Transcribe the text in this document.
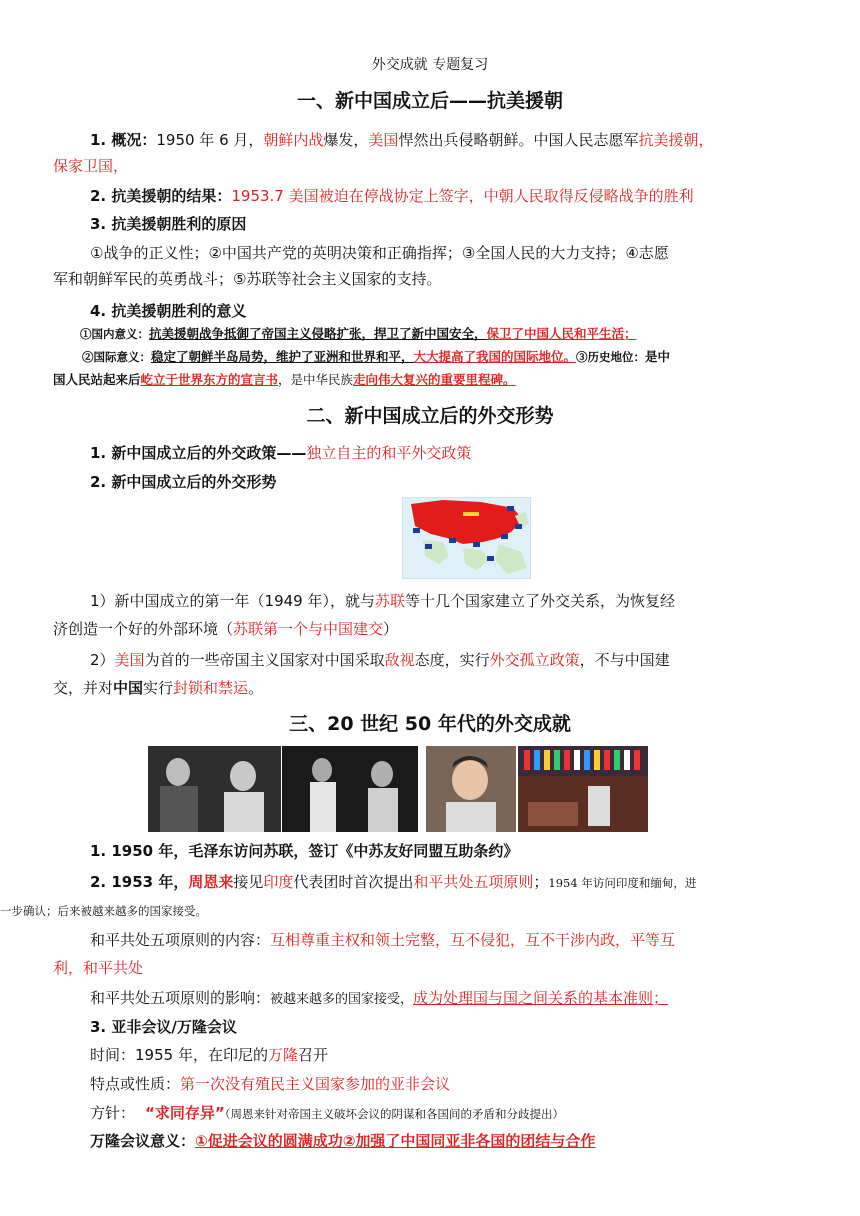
外交成就 专题复习
一、新中国成立后——抗美援朝
1. 概况：1950 年 6 月，朝鲜内战爆发，美国悍然出兵侵略朝鲜。中国人民志愿军抗美援朝，
保家卫国，
2. 抗美援朝的结果：1953.7 美国被迫在停战协定上签字，中朝人民取得反侵略战争的胜利
3. 抗美援朝胜利的原因
①战争的正义性；②中国共产党的英明决策和正确指挥；③全国人民的大力支持；④志愿
军和朝鲜军民的英勇战斗；⑤苏联等社会主义国家的支持。
4. 抗美援朝胜利的意义
①国内意义：抗美援朝战争抵御了帝国主义侵略扩张，捍卫了新中国安全，保卫了中国人民和平生活；
②国际意义：稳定了朝鲜半岛局势，维护了亚洲和世界和平，大大提高了我国的国际地位。③历史地位：是中
国人民站起来后屹立于世界东方的宣言书，是中华民族走向伟大复兴的重要里程碑。
二、新中国成立后的外交形势
1. 新中国成立后的外交政策——独立自主的和平外交政策
2. 新中国成立后的外交形势
1）新中国成立的第一年（1949 年），就与苏联等十几个国家建立了外交关系，为恢复经
济创造一个好的外部环境（苏联第一个与中国建交）
2）美国为首的一些帝国主义国家对中国采取敌视态度，实行外交孤立政策，不与中国建
交，并对中国实行封锁和禁运。
三、20 世纪 50 年代的外交成就
1. 1950 年，毛泽东访问苏联，签订《中苏友好同盟互助条约》
2. 1953 年，周恩来接见印度代表团时首次提出和平共处五项原则；1954 年访问印度和缅甸，进
一步确认；后来被越来越多的国家接受。
和平共处五项原则的内容：互相尊重主权和领土完整，互不侵犯，互不干涉内政，平等互
利，和平共处
和平共处五项原则的影响：被越来越多的国家接受，成为处理国与国之间关系的基本准则；
3. 亚非会议/万隆会议
时间：1955 年，在印尼的万隆召开
特点或性质：第一次没有殖民主义国家参加的亚非会议
方针： “求同存异”（周恩来针对帝国主义破坏会议的阴谋和各国间的矛盾和分歧提出）
万隆会议意义：①促进会议的圆满成功②加强了中国同亚非各国的团结与合作
